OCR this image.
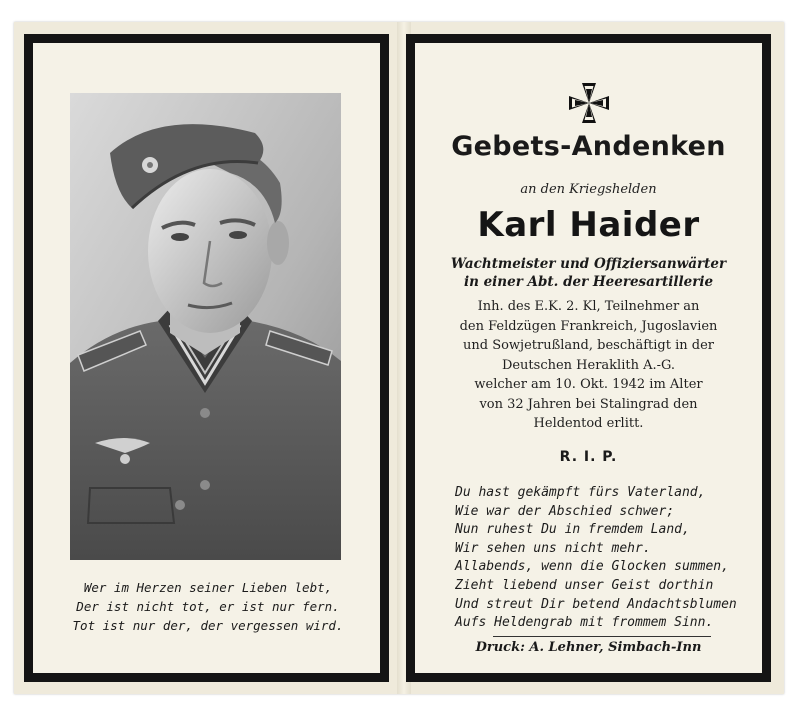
Wer im Herzen seiner Lieben lebt,
Der ist nicht tot, er ist nur fern.
Tot ist nur der, der vergessen wird.
Gebets-Andenken
an den Kriegshelden
Karl Haider
Wachtmeister und Offiziersanwärter
in einer Abt. der Heeresartillerie
Inh. des E.K. 2. Kl, Teilnehmer an
den Feldzügen Frankreich, Jugoslavien
und Sowjetrußland, beschäftigt in der
Deutschen Heraklith A.-G.
welcher am 10. Okt. 1942 im Alter
von 32 Jahren bei Stalingrad den
Heldentod erlitt.
R. I. P.
Du hast gekämpft fürs Vaterland,
Wie war der Abschied schwer;
Nun ruhest Du in fremdem Land,
Wir sehen uns nicht mehr.
Allabends, wenn die Glocken summen,
Zieht liebend unser Geist dorthin
Und streut Dir betend Andachtsblumen
Aufs Heldengrab mit frommem Sinn.
Druck: A. Lehner, Simbach-Inn
